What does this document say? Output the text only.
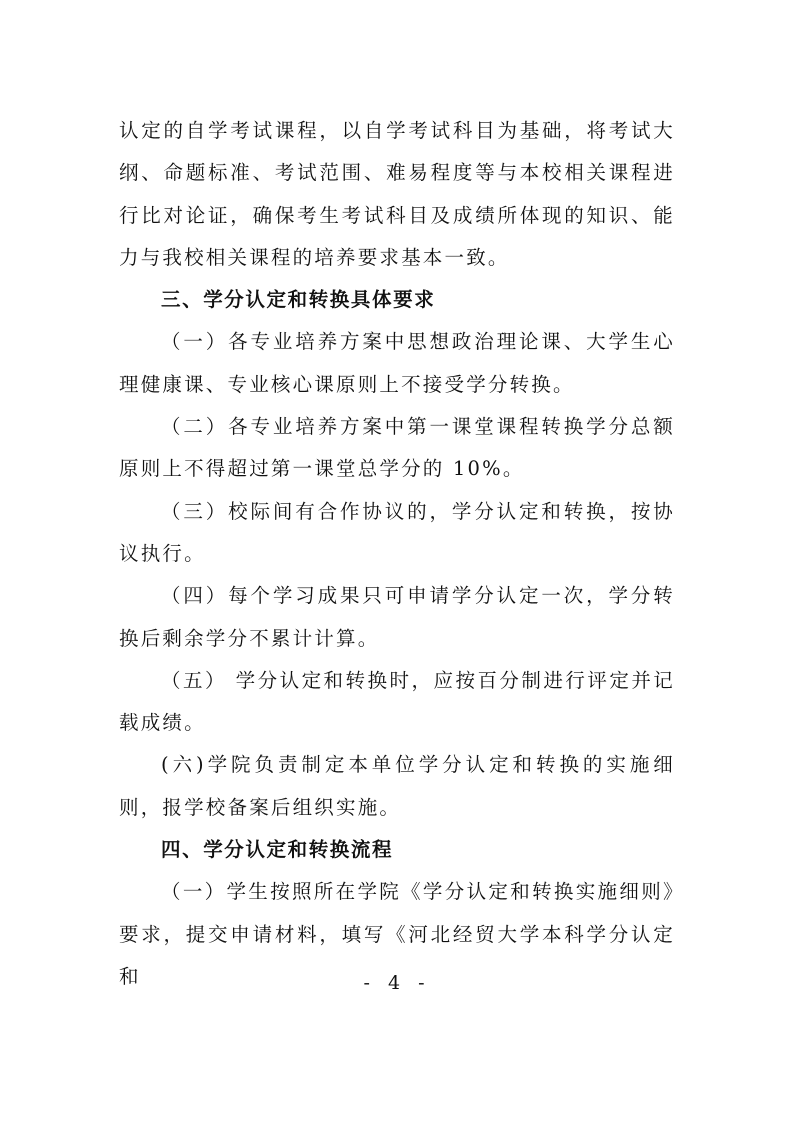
认定的自学考试课程，以自学考试科目为基础，将考试大纲、命题标准、考试范围、难易程度等与本校相关课程进行比对论证，确保考生考试科目及成绩所体现的知识、能力与我校相关课程的培养要求基本一致。

三、学分认定和转换具体要求

（一）各专业培养方案中思想政治理论课、大学生心理健康课、专业核心课原则上不接受学分转换。

（二）各专业培养方案中第一课堂课程转换学分总额原则上不得超过第一课堂总学分的 10%。

（三）校际间有合作协议的，学分认定和转换，按协议执行。

（四）每个学习成果只可申请学分认定一次，学分转换后剩余学分不累计计算。

（五） 学分认定和转换时，应按百分制进行评定并记载成绩。

(六)学院负责制定本单位学分认定和转换的实施细则，报学校备案后组织实施。

四、学分认定和转换流程

（一）学生按照所在学院《学分认定和转换实施细则》要求，提交申请材料，填写《河北经贸大学本科学分认定和	- 4 -
